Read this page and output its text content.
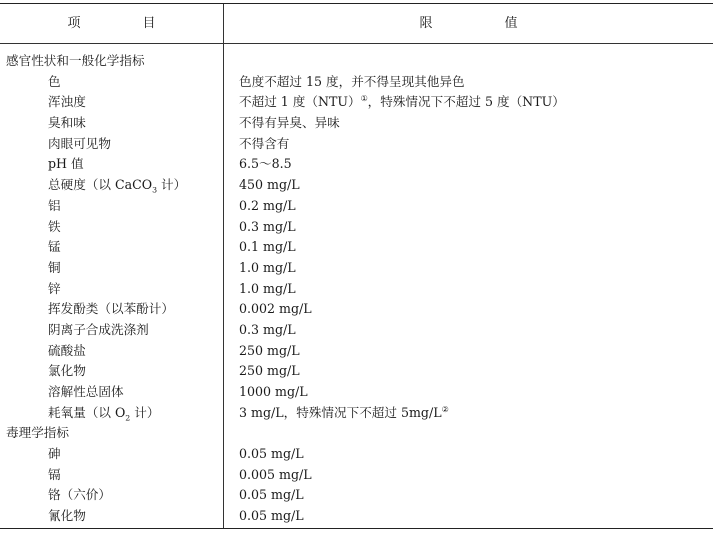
项	目	限	值
感官性状和一般化学指标
色	色度不超过 15 度，并不得呈现其他异色
浑浊度	不超过 1 度（NTU）①，特殊情况下不超过 5 度（NTU）
臭和味	不得有异臭、异味
肉眼可见物	不得含有
pH 值	6.5～8.5
总硬度（以 CaCO$_3$ 计）	450 mg/L
铝	0.2 mg/L
铁	0.3 mg/L
锰	0.1 mg/L
铜	1.0 mg/L
锌	1.0 mg/L
挥发酚类（以苯酚计）	0.002 mg/L
阴离子合成洗涤剂	0.3 mg/L
硫酸盐	250 mg/L
氯化物	250 mg/L
溶解性总固体	1000 mg/L
耗氧量（以 $O_2$ 计）	3 mg/L，特殊情况下不超过 5mg/L②
毒理学指标
砷	0.05 mg/L
镉	0.005 mg/L
铬（六价）	0.05 mg/L
氰化物	0.05 mg/L
